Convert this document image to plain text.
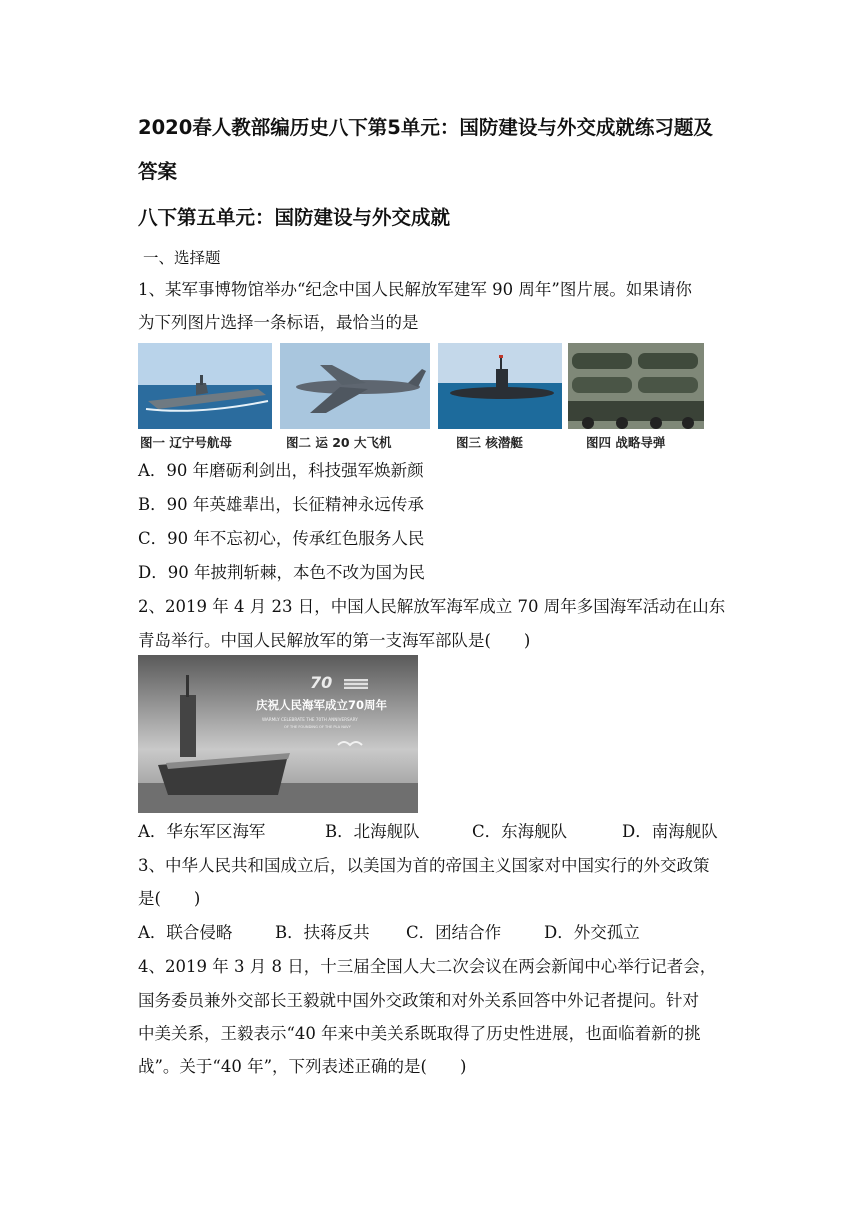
2020春人教部编历史八下第5单元：国防建设与外交成就练习题及
答案
八下第五单元：国防建设与外交成就
一、选择题
1、某军事博物馆举办“纪念中国人民解放军建军 90 周年”图片展。如果请你
为下列图片选择一条标语，最恰当的是
图一 辽宁号航母	图二 运 20 大飞机	图三 核潜艇	图四 战略导弹
A．90 年磨砺利剑出，科技强军焕新颜
B．90 年英雄辈出，长征精神永远传承
C．90 年不忘初心，传承红色服务人民
D．90 年披荆斩棘，本色不改为国为民
2、2019 年 4 月 23 日，中国人民解放军海军成立 70 周年多国海军活动在山东
青岛举行。中国人民解放军的第一支海军部队是(　　)
70
庆祝人民海军成立70周年
WARMLY CELEBRATE THE 70TH ANNIVERSARY
OF THE FOUNDING OF THE PLA NAVY
A．华东军区海军	B．北海舰队	C．东海舰队	D．南海舰队
3、中华人民共和国成立后，以美国为首的帝国主义国家对中国实行的外交政策
是(　　)
A．联合侵略	B．扶蒋反共 C．团结合作	D．外交孤立
4、2019 年 3 月 8 日，十三届全国人大二次会议在两会新闻中心举行记者会，
国务委员兼外交部长王毅就中国外交政策和对外关系回答中外记者提问。针对
中美关系，王毅表示“40 年来中美关系既取得了历史性进展，也面临着新的挑
战”。关于“40 年”，下列表述正确的是(　　)
